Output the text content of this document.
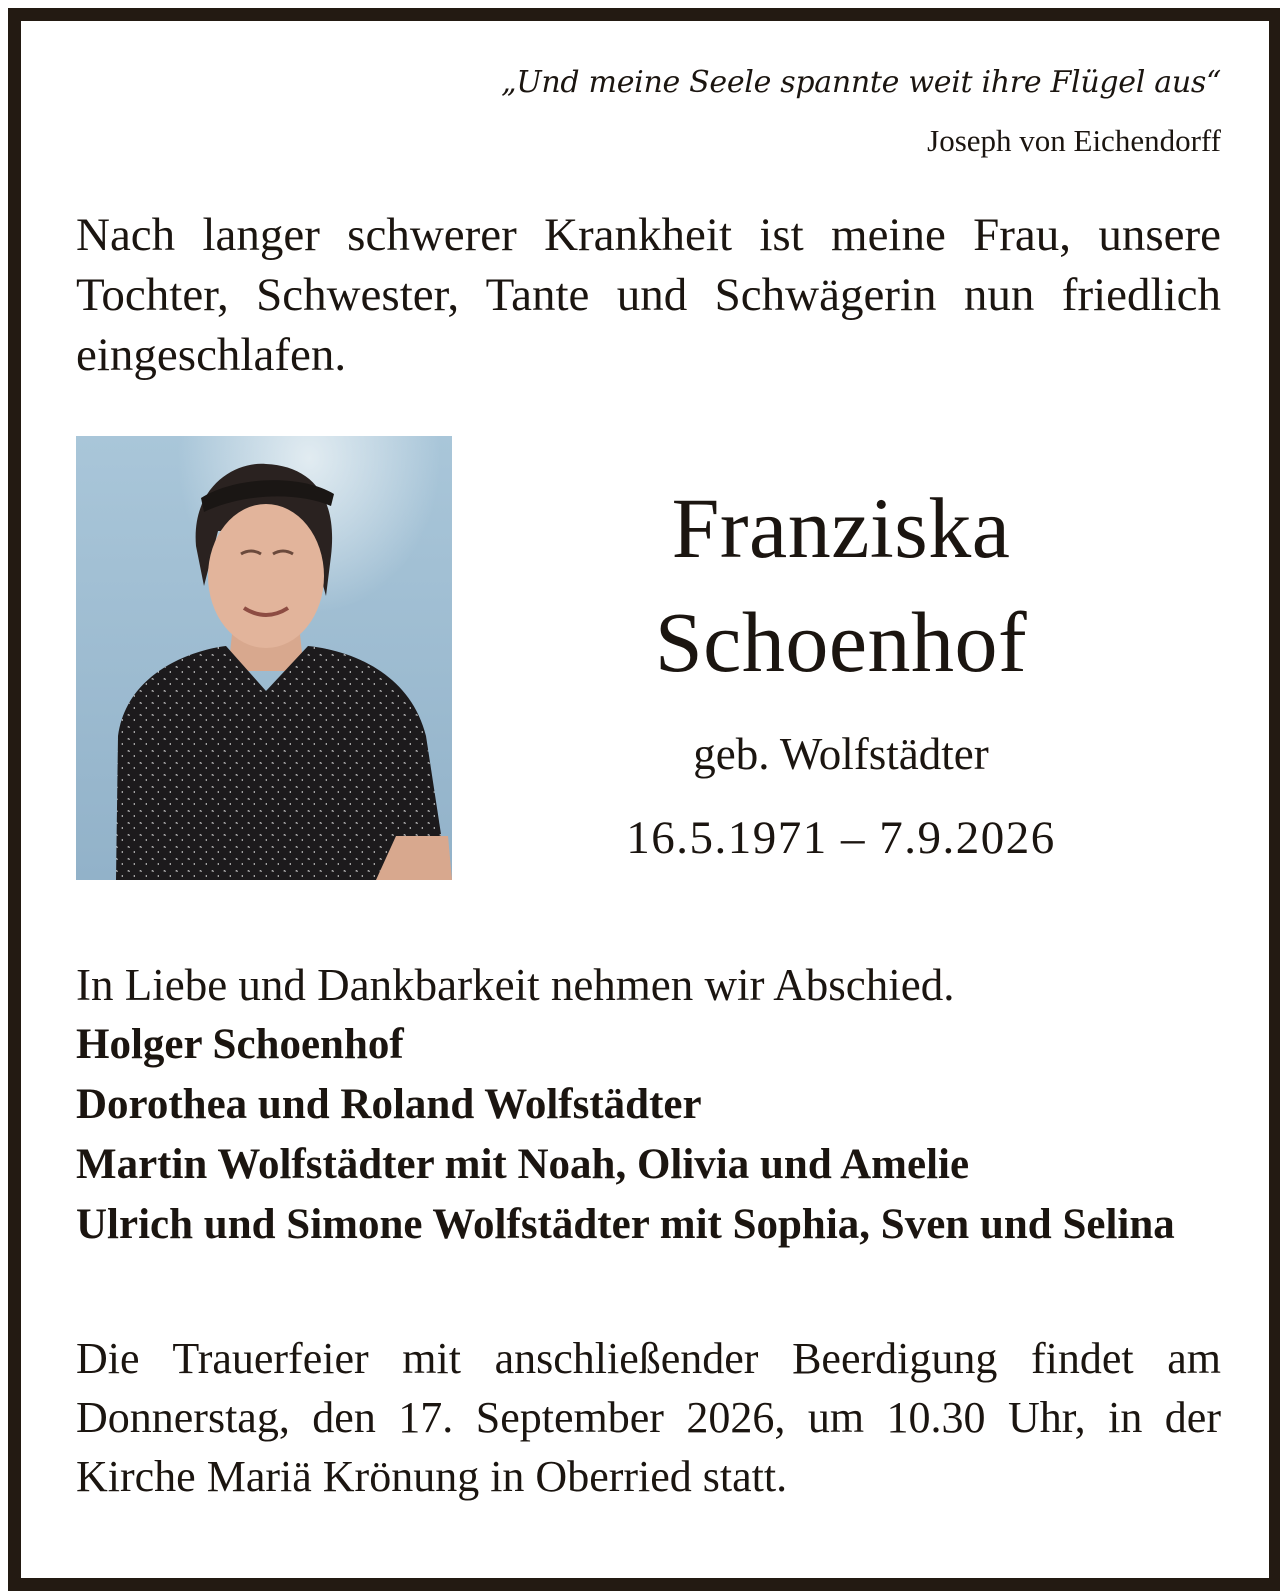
„Und meine Seele spannte weit ihre Flügel aus“
Joseph von Eichendorff
Nach langer schwerer Krankheit ist meine Frau, unsere Tochter, Schwester, Tante und Schwägerin nun friedlich eingeschlafen.
Franziska
Schoenhof
geb. Wolfstädter
16.5.1971 – 7.9.2026
In Liebe und Dankbarkeit nehmen wir Abschied.
Holger Schoenhof
Dorothea und Roland Wolfstädter
Martin Wolfstädter mit Noah, Olivia und Amelie
Ulrich und Simone Wolfstädter mit Sophia, Sven und Selina
Die Trauerfeier mit anschließender Beerdigung findet am Donnerstag, den 17. September 2026, um 10.30 Uhr, in der Kirche Mariä Krönung in Oberried statt.
